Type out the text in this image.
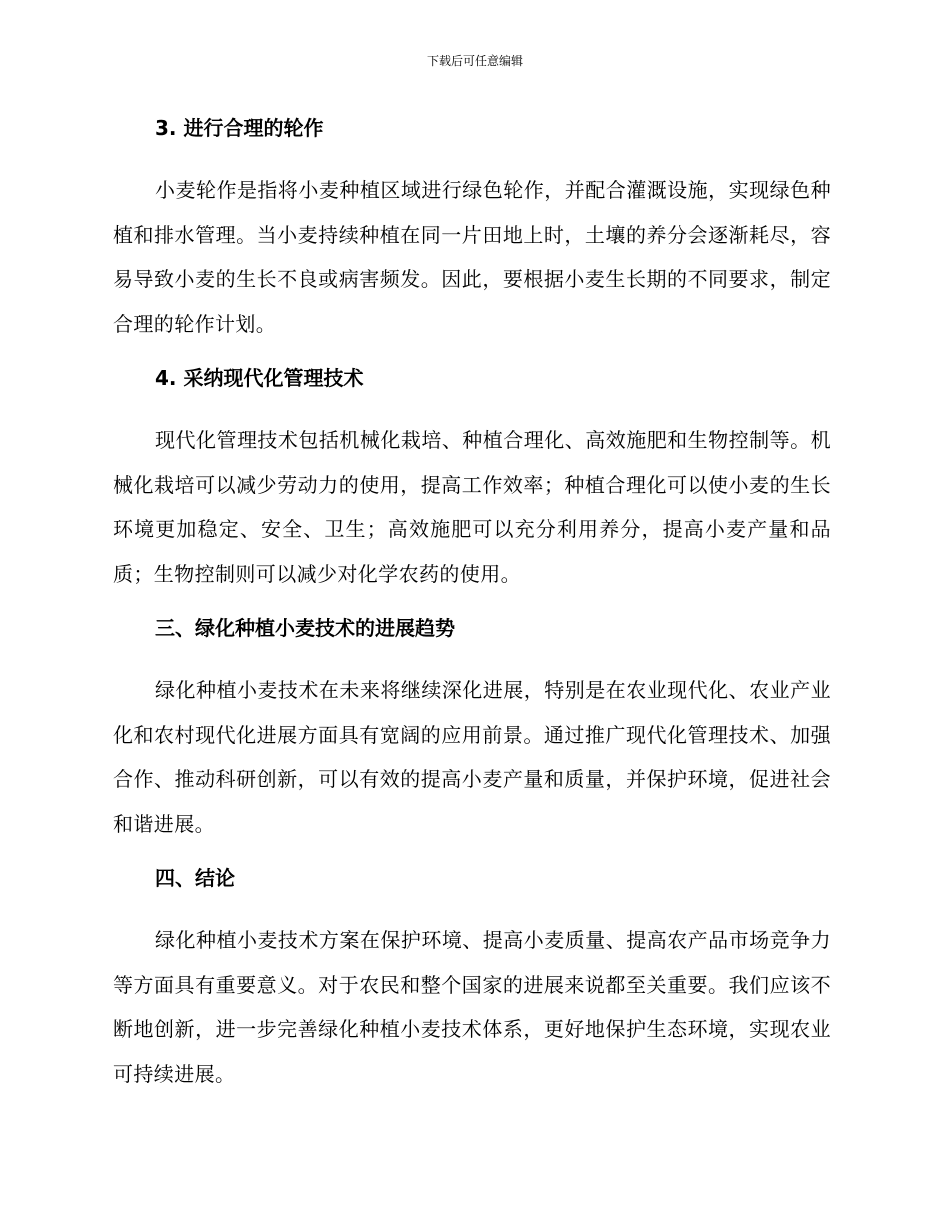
下载后可任意编辑
3. 进行合理的轮作

小麦轮作是指将小麦种植区域进行绿色轮作，并配合灌溉设施，实现绿色种植和排水管理。当小麦持续种植在同一片田地上时，土壤的养分会逐渐耗尽，容易导致小麦的生长不良或病害频发。因此，要根据小麦生长期的不同要求，制定合理的轮作计划。

4. 采纳现代化管理技术

现代化管理技术包括机械化栽培、种植合理化、高效施肥和生物控制等。机械化栽培可以减少劳动力的使用，提高工作效率；种植合理化可以使小麦的生长环境更加稳定、安全、卫生；高效施肥可以充分利用养分，提高小麦产量和品质；生物控制则可以减少对化学农药的使用。

三、绿化种植小麦技术的进展趋势

绿化种植小麦技术在未来将继续深化进展，特别是在农业现代化、农业产业化和农村现代化进展方面具有宽阔的应用前景。通过推广现代化管理技术、加强合作、推动科研创新，可以有效的提高小麦产量和质量，并保护环境，促进社会和谐进展。

四、结论

绿化种植小麦技术方案在保护环境、提高小麦质量、提高农产品市场竞争力等方面具有重要意义。对于农民和整个国家的进展来说都至关重要。我们应该不断地创新，进一步完善绿化种植小麦技术体系，更好地保护生态环境，实现农业可持续进展。
